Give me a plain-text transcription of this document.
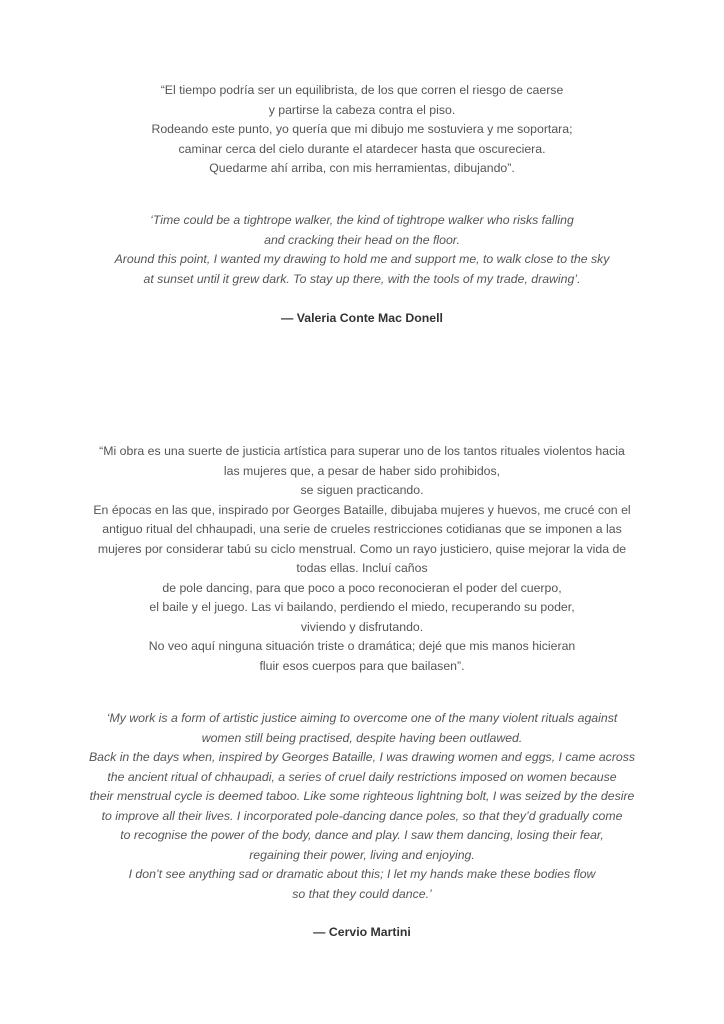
“El tiempo podría ser un equilibrista, de los que corren el riesgo de caerse
y partirse la cabeza contra el piso.
Rodeando este punto, yo quería que mi dibujo me sostuviera y me soportara;
caminar cerca del cielo durante el atardecer hasta que oscureciera.
Quedarme ahí arriba, con mis herramientas, dibujando”.
‘Time could be a tightrope walker, the kind of tightrope walker who risks falling
and cracking their head on the floor.
Around this point, I wanted my drawing to hold me and support me, to walk close to the sky
at sunset until it grew dark. To stay up there, with the tools of my trade, drawing’.
— Valeria Conte Mac Donell
“Mi obra es una suerte de justicia artística para superar uno de los tantos rituales violentos hacia
las mujeres que, a pesar de haber sido prohibidos,
se siguen practicando.
En épocas en las que, inspirado por Georges Bataille, dibujaba mujeres y huevos, me crucé con el
antiguo ritual del chhaupadi, una serie de crueles restricciones cotidianas que se imponen a las
mujeres por considerar tabú su ciclo menstrual. Como un rayo justiciero, quise mejorar la vida de
todas ellas. Incluí caños
de pole dancing, para que poco a poco reconocieran el poder del cuerpo,
el baile y el juego. Las vi bailando, perdiendo el miedo, recuperando su poder,
viviendo y disfrutando.
No veo aquí ninguna situación triste o dramática; dejé que mis manos hicieran
fluir esos cuerpos para que bailasen”.
‘My work is a form of artistic justice aiming to overcome one of the many violent rituals against
women still being practised, despite having been outlawed.
Back in the days when, inspired by Georges Bataille, I was drawing women and eggs, I came across
the ancient ritual of chhaupadi, a series of cruel daily restrictions imposed on women because
their menstrual cycle is deemed taboo. Like some righteous lightning bolt, I was seized by the desire
to improve all their lives. I incorporated pole-dancing dance poles, so that they’d gradually come
to recognise the power of the body, dance and play. I saw them dancing, losing their fear,
regaining their power, living and enjoying.
I don’t see anything sad or dramatic about this; I let my hands make these bodies flow
so that they could dance.’
— Cervio Martini
